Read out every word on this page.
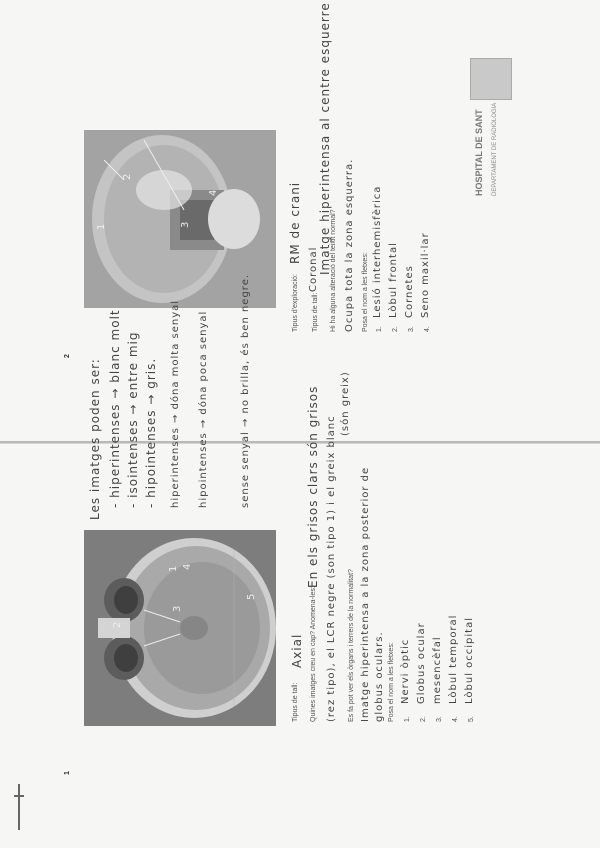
HOSPITAL DE SANT DEPARTAMENT DE RADIOLOGIA
1
2
1
2
3
4
5
1
2
3
4
Tipus de tall:
Axial Quines imatges creu en cap? Anomena-les:
En els grisos clars són grisos (rez tipo), el LCR negre (son tipo 1) i el greix blanc
(són greix)
Es fa pot ver els òrgans i terrers de la normalitat? Imatge hiperintensa a la zona posterior de globus oculars. Posa el nom a les fletxes: 1.
Nervi òptic
2.
Globus ocular
3.
mesencèfal
4.
Lòbul temporal
5.
Lòbul occipital
Les imatges poden ser: - hiperintenses → blanc molt - isointenses → entre mig - hipointenses → gris. hiperintenses → dóna molta senyal hipointenses → dóna poca senyal	sense senyal → no brilla, és ben negre.	Tipus d'exploració:
RM de crani
Tipus de tall:
Coronal Hi ha alguna alteració del teixit normal?
Imatge hiperintensa al centre esquerre Ocupa tota la zona esquerra. Posa el nom a les fletxes: 1.
Lesió interhemisfèrica
2.
Lòbul frontal
3.
Cornetes
4.
Seno maxil·lar
